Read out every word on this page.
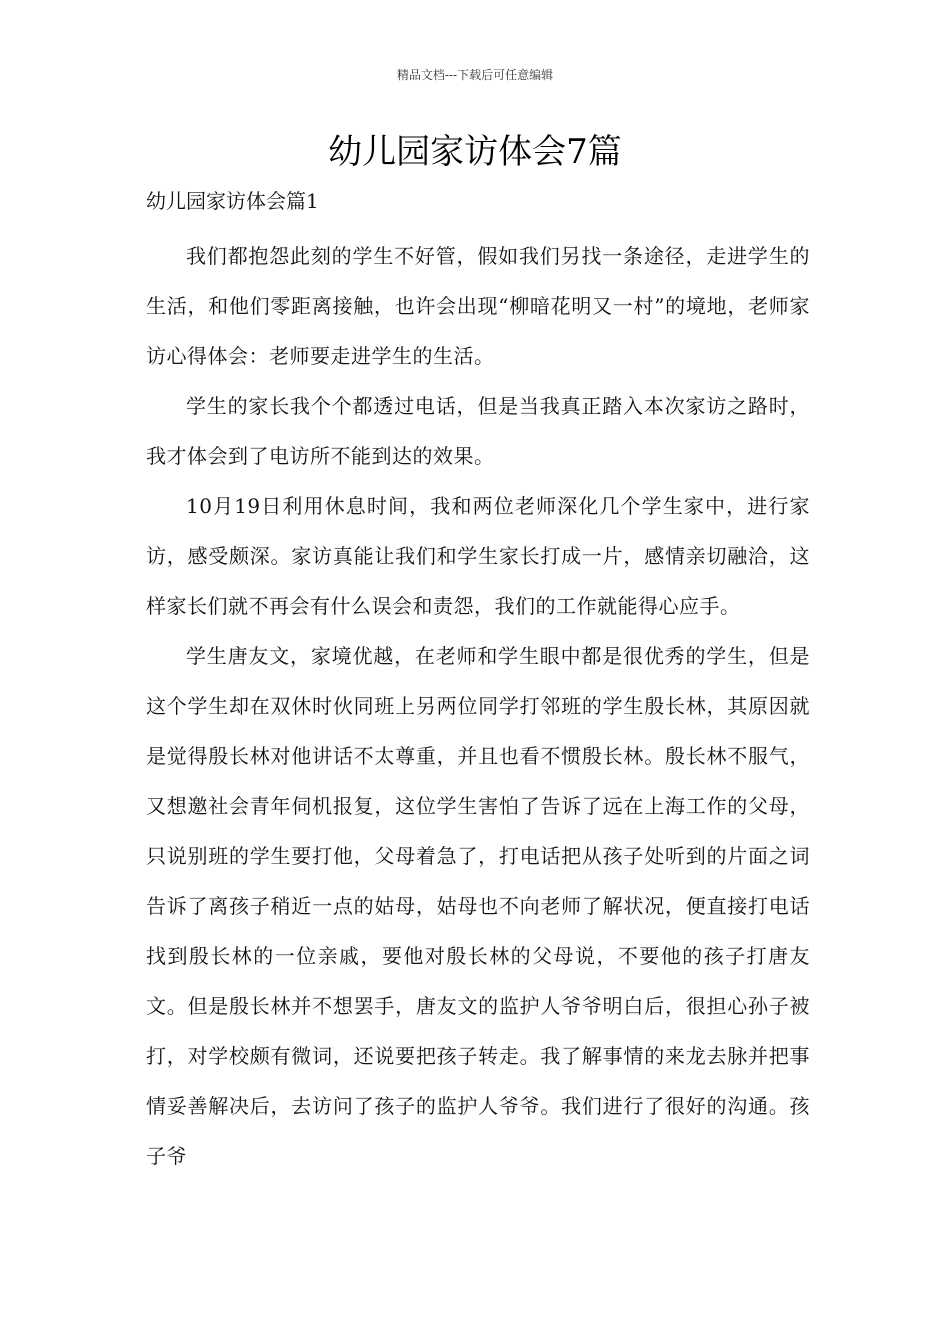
精品文档---下载后可任意编辑
幼儿园家访体会7篇
幼儿园家访体会篇1

我们都抱怨此刻的学生不好管，假如我们另找一条途径，走进学生的生活，和他们零距离接触，也许会出现“柳暗花明又一村”的境地，老师家访心得体会：老师要走进学生的生活。

学生的家长我个个都透过电话，但是当我真正踏入本次家访之路时，我才体会到了电访所不能到达的效果。

10月19日利用休息时间，我和两位老师深化几个学生家中，进行家访，感受颇深。家访真能让我们和学生家长打成一片，感情亲切融洽，这样家长们就不再会有什么误会和责怨，我们的工作就能得心应手。

学生唐友文，家境优越，在老师和学生眼中都是很优秀的学生，但是这个学生却在双休时伙同班上另两位同学打邻班的学生殷长林，其原因就是觉得殷长林对他讲话不太尊重，并且也看不惯殷长林。殷长林不服气，又想邀社会青年伺机报复，这位学生害怕了告诉了远在上海工作的父母，只说别班的学生要打他，父母着急了，打电话把从孩子处听到的片面之词告诉了离孩子稍近一点的姑母，姑母也不向老师了解状况，便直接打电话找到殷长林的一位亲戚，要他对殷长林的父母说，不要他的孩子打唐友文。但是殷长林并不想罢手，唐友文的监护人爷爷明白后，很担心孙子被打，对学校颇有微词，还说要把孩子转走。我了解事情的来龙去脉并把事情妥善解决后，去访问了孩子的监护人爷爷。我们进行了很好的沟通。孩子爷
